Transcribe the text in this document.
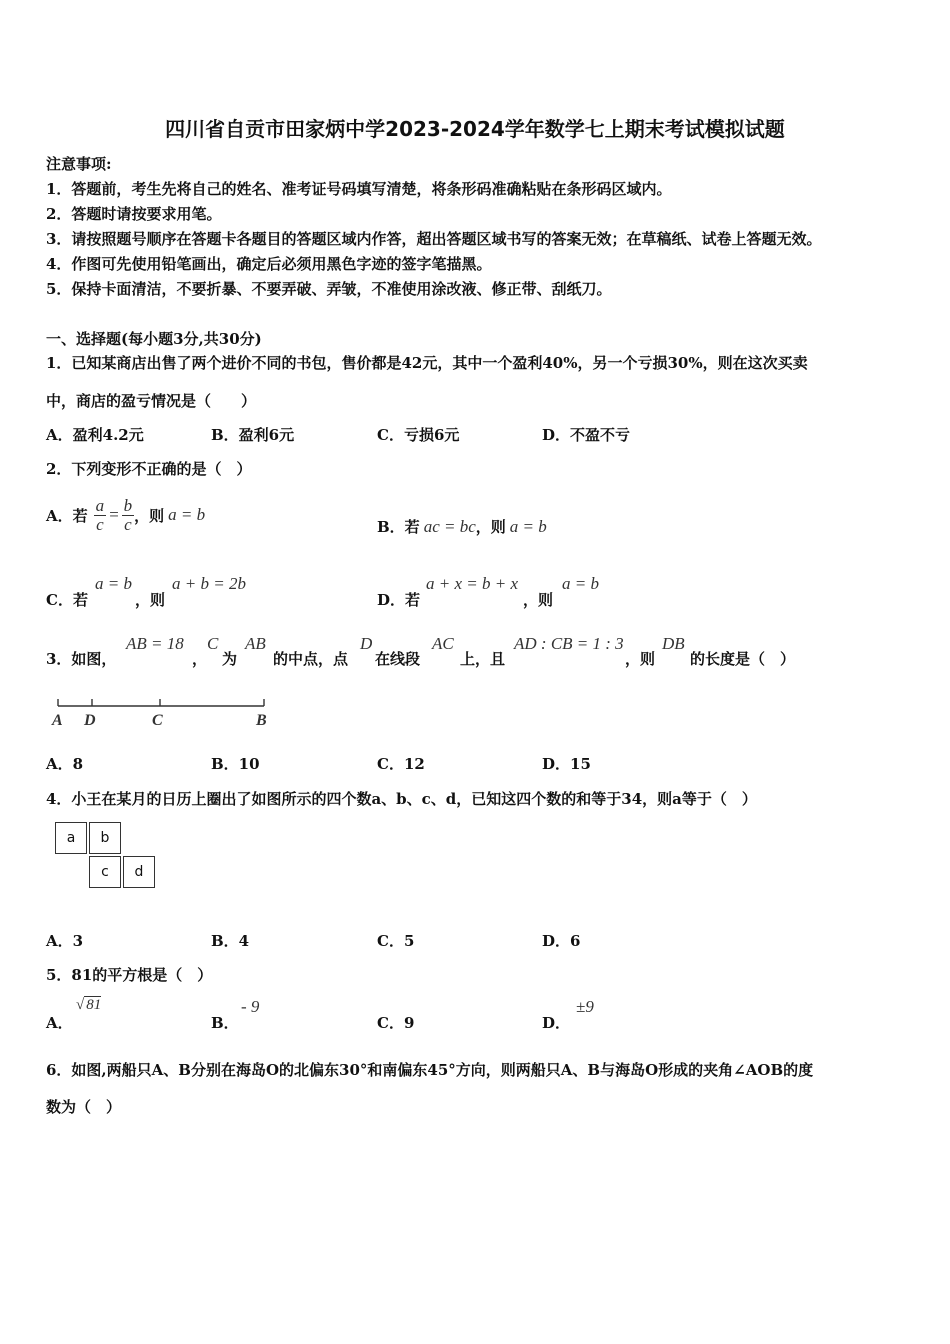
四川省自贡市田家炳中学2023-2024学年数学七上期末考试模拟试题
注意事项:
1．答题前，考生先将自己的姓名、准考证号码填写清楚，将条形码准确粘贴在条形码区域内。
2．答题时请按要求用笔。
3．请按照题号顺序在答题卡各题目的答题区域内作答，超出答题区域书写的答案无效；在草稿纸、试卷上答题无效。
4．作图可先使用铅笔画出，确定后必须用黑色字迹的签字笔描黑。
5．保持卡面清洁，不要折暴、不要弄破、弄皱，不准使用涂改液、修正带、刮纸刀。
一、选择题(每小题3分,共30分)
1．已知某商店出售了两个进价不同的书包，售价都是42元，其中一个盈利40%，另一个亏损30%，则在这次买卖
中，商店的盈亏情况是（　　）
A．盈利4.2元	B．盈利6元	C．亏损6元	D．不盈不亏
2．下列变形不正确的是（　）
A．若 $\frac{a}{c} = \frac{b}{c}$ ，则 a = b
B．若 ac = bc，则 a = b
C．若
a = b
，则
a + b = 2b
D．若
a + x = b + x
，则
a = b
3．如图，
AB = 18
，
C
为
AB
的中点，点
D
在线段
AC
上，且
AD : CB = 1 : 3
，则
DB
的长度是（　）
A D	C	B
A．8	B．10	C．12	D．15
4．小王在某月的日历上圈出了如图所示的四个数a、b、c、d，已知这四个数的和等于34，则a等于（　）
a	b
c	d
A．3	B．4	C．5	D．6
5．81的平方根是（　）
A．
√ 81
B．
- 9
C．9	D．
±9
6．如图,两船只A、B分别在海岛O的北偏东30°和南偏东45°方向，则两船只A、B与海岛O形成的夹角∠AOB的度
数为（　）
